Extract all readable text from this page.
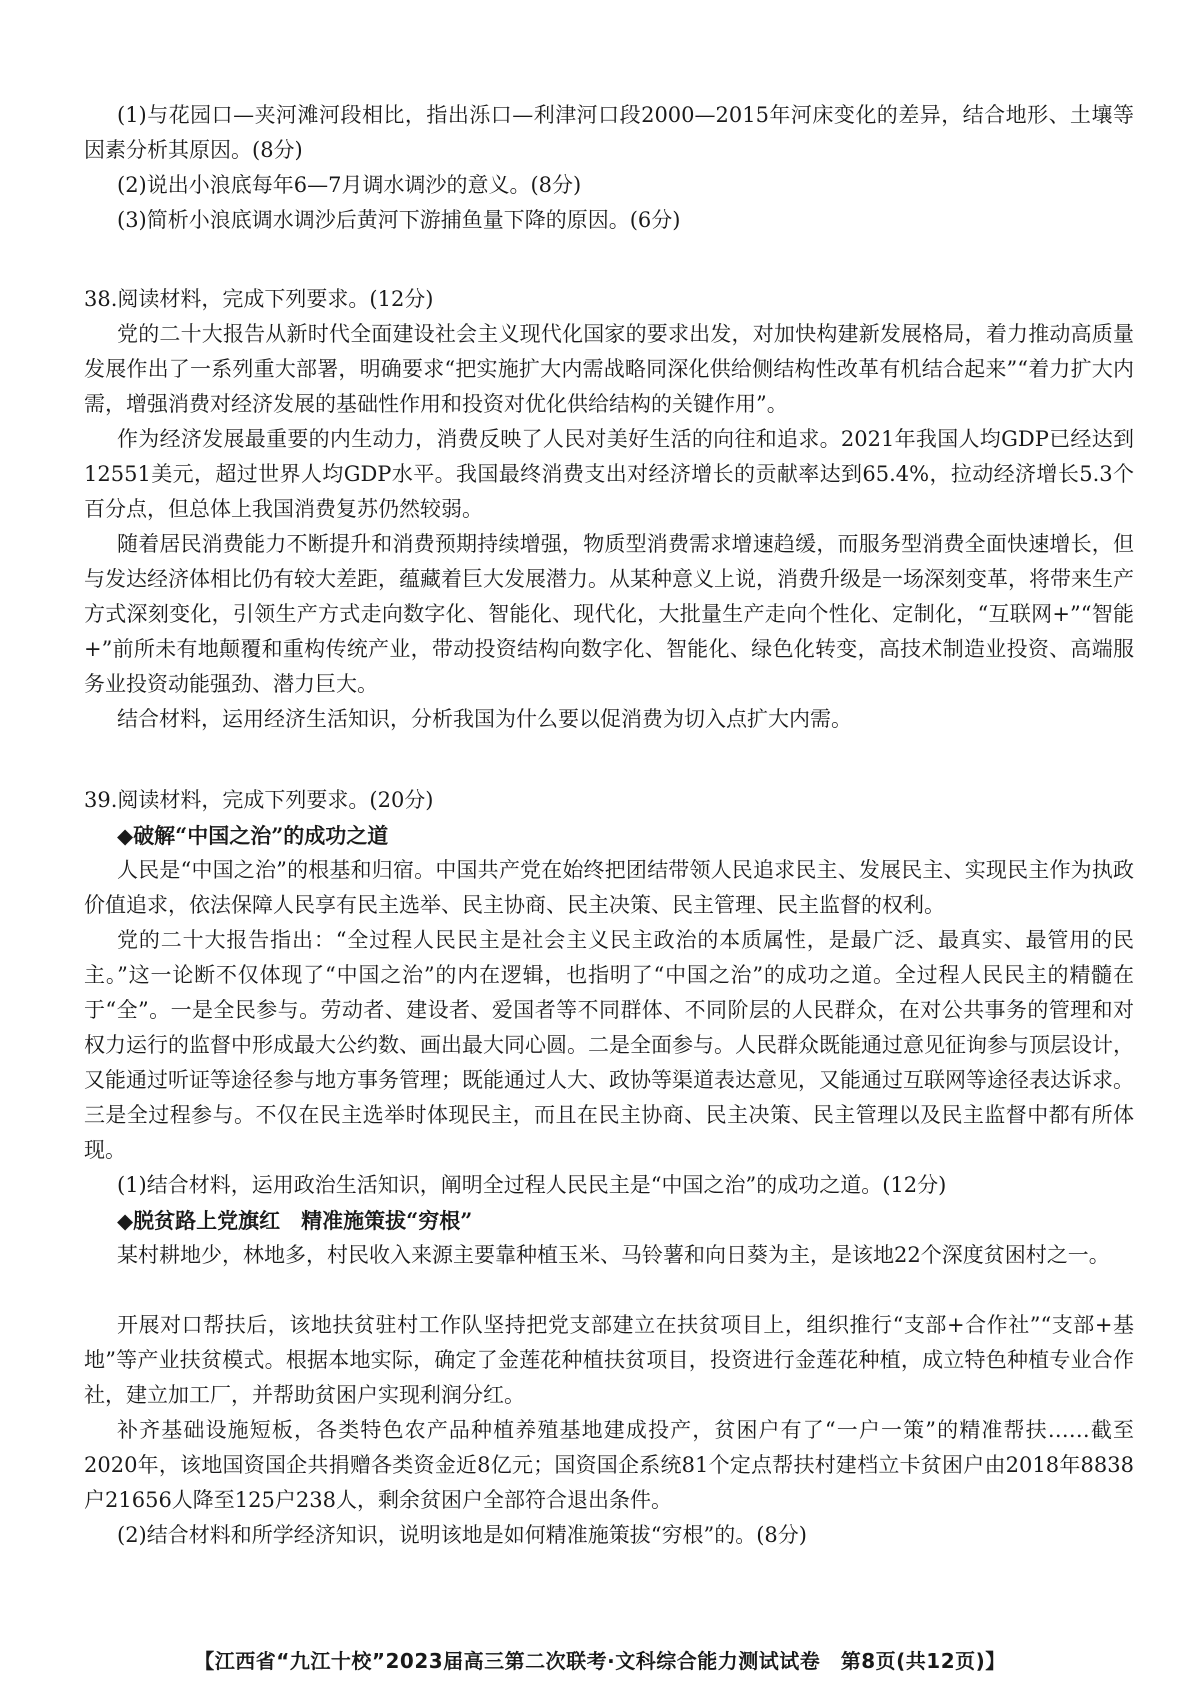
(1)与花园口—夹河滩河段相比，指出泺口—利津河口段2000—2015年河床变化的差异，结合地形、土壤等因素分析其原因。(8分)

(2)说出小浪底每年6—7月调水调沙的意义。(8分)

(3)简析小浪底调水调沙后黄河下游捕鱼量下降的原因。(6分)

38.阅读材料，完成下列要求。(12分)

党的二十大报告从新时代全面建设社会主义现代化国家的要求出发，对加快构建新发展格局，着力推动高质量发展作出了一系列重大部署，明确要求“把实施扩大内需战略同深化供给侧结构性改革有机结合起来”“着力扩大内需，增强消费对经济发展的基础性作用和投资对优化供给结构的关键作用”。

作为经济发展最重要的内生动力，消费反映了人民对美好生活的向往和追求。2021年我国人均GDP已经达到12551美元，超过世界人均GDP水平。我国最终消费支出对经济增长的贡献率达到65.4%，拉动经济增长5.3个百分点，但总体上我国消费复苏仍然较弱。

随着居民消费能力不断提升和消费预期持续增强，物质型消费需求增速趋缓，而服务型消费全面快速增长，但与发达经济体相比仍有较大差距，蕴藏着巨大发展潜力。从某种意义上说，消费升级是一场深刻变革，将带来生产方式深刻变化，引领生产方式走向数字化、智能化、现代化，大批量生产走向个性化、定制化，“互联网+”“智能+”前所未有地颠覆和重构传统产业，带动投资结构向数字化、智能化、绿色化转变，高技术制造业投资、高端服务业投资动能强劲、潜力巨大。

结合材料，运用经济生活知识，分析我国为什么要以促消费为切入点扩大内需。

39.阅读材料，完成下列要求。(20分)

◆破解“中国之治”的成功之道

人民是“中国之治”的根基和归宿。中国共产党在始终把团结带领人民追求民主、发展民主、实现民主作为执政价值追求，依法保障人民享有民主选举、民主协商、民主决策、民主管理、民主监督的权利。

党的二十大报告指出：“全过程人民民主是社会主义民主政治的本质属性，是最广泛、最真实、最管用的民主。”这一论断不仅体现了“中国之治”的内在逻辑，也指明了“中国之治”的成功之道。全过程人民民主的精髓在于“全”。一是全民参与。劳动者、建设者、爱国者等不同群体、不同阶层的人民群众，在对公共事务的管理和对权力运行的监督中形成最大公约数、画出最大同心圆。二是全面参与。人民群众既能通过意见征询参与顶层设计，又能通过听证等途径参与地方事务管理；既能通过人大、政协等渠道表达意见，又能通过互联网等途径表达诉求。三是全过程参与。不仅在民主选举时体现民主，而且在民主协商、民主决策、民主管理以及民主监督中都有所体现。

(1)结合材料，运用政治生活知识，阐明全过程人民民主是“中国之治”的成功之道。(12分)

◆脱贫路上党旗红　精准施策拔“穷根”

某村耕地少，林地多，村民收入来源主要靠种植玉米、马铃薯和向日葵为主，是该地22个深度贫困村之一。

开展对口帮扶后，该地扶贫驻村工作队坚持把党支部建立在扶贫项目上，组织推行“支部+合作社”“支部+基地”等产业扶贫模式。根据本地实际，确定了金莲花种植扶贫项目，投资进行金莲花种植，成立特色种植专业合作社，建立加工厂，并帮助贫困户实现利润分红。

补齐基础设施短板，各类特色农产品种植养殖基地建成投产，贫困户有了“一户一策”的精准帮扶……截至2020年，该地国资国企共捐赠各类资金近8亿元；国资国企系统81个定点帮扶村建档立卡贫困户由2018年8838户21656人降至125户238人，剩余贫困户全部符合退出条件。

(2)结合材料和所学经济知识，说明该地是如何精准施策拔“穷根”的。(8分)

【江西省“九江十校”2023届高三第二次联考·文科综合能力测试试卷　第8页(共12页)】
